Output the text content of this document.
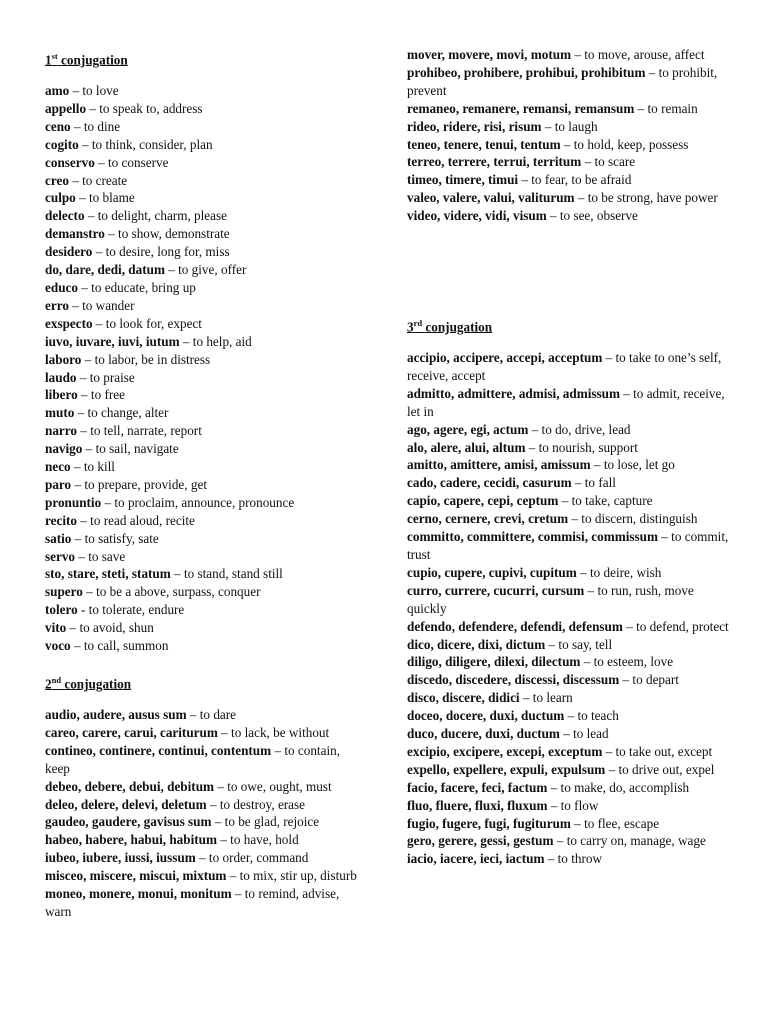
1st conjugation
amo – to love
appello – to speak to, address
ceno – to dine
cogito – to think, consider, plan
conservo – to conserve
creo – to create
culpo – to blame
delecto – to delight, charm, please
demanstro – to show, demonstrate
desidero – to desire, long for, miss
do, dare, dedi, datum – to give, offer
educo – to educate, bring up
erro – to wander
exspecto – to look for, expect
iuvo, iuvare, iuvi, iutum – to help, aid
laboro – to labor, be in distress
laudo – to praise
libero – to free
muto – to change, alter
narro – to tell, narrate, report
navigo – to sail, navigate
neco – to kill
paro – to prepare, provide, get
pronuntio – to proclaim, announce, pronounce
recito – to read aloud, recite
satio – to satisfy, sate
servo – to save
sto, stare, steti, statum – to stand, stand still
supero – to be a above, surpass, conquer
tolero - to tolerate, endure
vito – to avoid, shun
voco – to call, summon
2nd conjugation
audio, audere, ausus sum – to dare
careo, carere, carui, cariturum – to lack, be without
contineo, continere, continui, contentum – to contain, keep
debeo, debere, debui, debitum – to owe, ought, must
deleo, delere, delevi, deletum – to destroy, erase
gaudeo, gaudere, gavisus sum – to be glad, rejoice
habeo, habere, habui, habitum – to have, hold
iubeo, iubere, iussi, iussum – to order, command
misceo, miscere, miscui, mixtum – to mix, stir up, disturb
moneo, monere, monui, monitum – to remind, advise, warn
mover, movere, movi, motum – to move, arouse, affect
prohibeo, prohibere, prohibui, prohibitum – to prohibit, prevent
remaneo, remanere, remansi, remansum – to remain
rideo, ridere, risi, risum – to laugh
teneo, tenere, tenui, tentum – to hold, keep, possess
terreo, terrere, terrui, territum – to scare
timeo, timere, timui – to fear, to be afraid
valeo, valere, valui, valiturum – to be strong, have power
video, videre, vidi, visum – to see, observe
3rd conjugation
accipio, accipere, accepi, acceptum – to take to one’s self, receive, accept
admitto, admittere, admisi, admissum – to admit, receive, let in
ago, agere, egi, actum – to do, drive, lead
alo, alere, alui, altum – to nourish, support
amitto, amittere, amisi, amissum – to lose, let go
cado, cadere, cecidi, casurum – to fall
capio, capere, cepi, ceptum – to take, capture
cerno, cernere, crevi, cretum – to discern, distinguish
committo, committere, commisi, commissum – to commit, trust
cupio, cupere, cupivi, cupitum – to deire, wish
curro, currere, cucurri, cursum – to run, rush, move quickly
defendo, defendere, defendi, defensum – to defend, protect
dico, dicere, dixi, dictum – to say, tell
diligo, diligere, dilexi, dilectum – to esteem, love
discedo, discedere, discessi, discessum – to depart
disco, discere, didici – to learn
doceo, docere, duxi, ductum – to teach
duco, ducere, duxi, ductum – to lead
excipio, excipere, excepi, exceptum – to take out, except
expello, expellere, expuli, expulsum – to drive out, expel
facio, facere, feci, factum – to make, do, accomplish
fluo, fluere, fluxi, fluxum – to flow
fugio, fugere, fugi, fugiturum – to flee, escape
gero, gerere, gessi, gestum – to carry on, manage, wage
iacio, iacere, ieci, iactum – to throw
